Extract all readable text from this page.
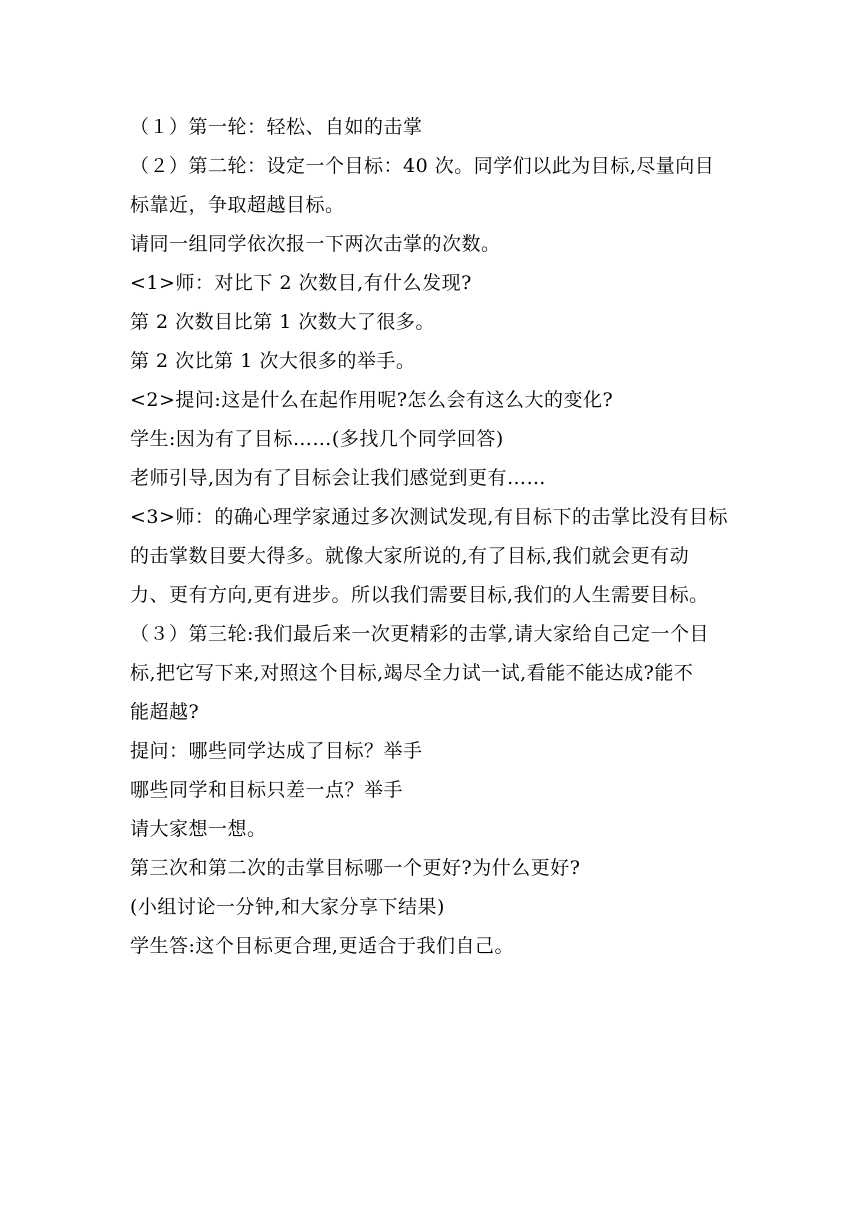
（１）第一轮：轻松、自如的击掌
（２）第二轮：设定一个目标：40 次。同学们以此为目标,尽量向目
标靠近，争取超越目标。
请同一组同学依次报一下两次击掌的次数。
<1>师：对比下 2 次数目,有什么发现?
第 2 次数目比第 1 次数大了很多。
第 2 次比第 1 次大很多的举手。
<2>提问:这是什么在起作用呢?怎么会有这么大的变化?
学生:因为有了目标……(多找几个同学回答)
老师引导,因为有了目标会让我们感觉到更有……
<3>师：的确心理学家通过多次测试发现,有目标下的击掌比没有目标
的击掌数目要大得多。就像大家所说的,有了目标,我们就会更有动
力、更有方向,更有进步。所以我们需要目标,我们的人生需要目标。
（３）第三轮:我们最后来一次更精彩的击掌,请大家给自己定一个目
标,把它写下来,对照这个目标,竭尽全力试一试,看能不能达成?能不
能超越?
提问：哪些同学达成了目标？举手
哪些同学和目标只差一点？举手
请大家想一想。
第三次和第二次的击掌目标哪一个更好?为什么更好?
(小组讨论一分钟,和大家分享下结果)
学生答:这个目标更合理,更适合于我们自己。
